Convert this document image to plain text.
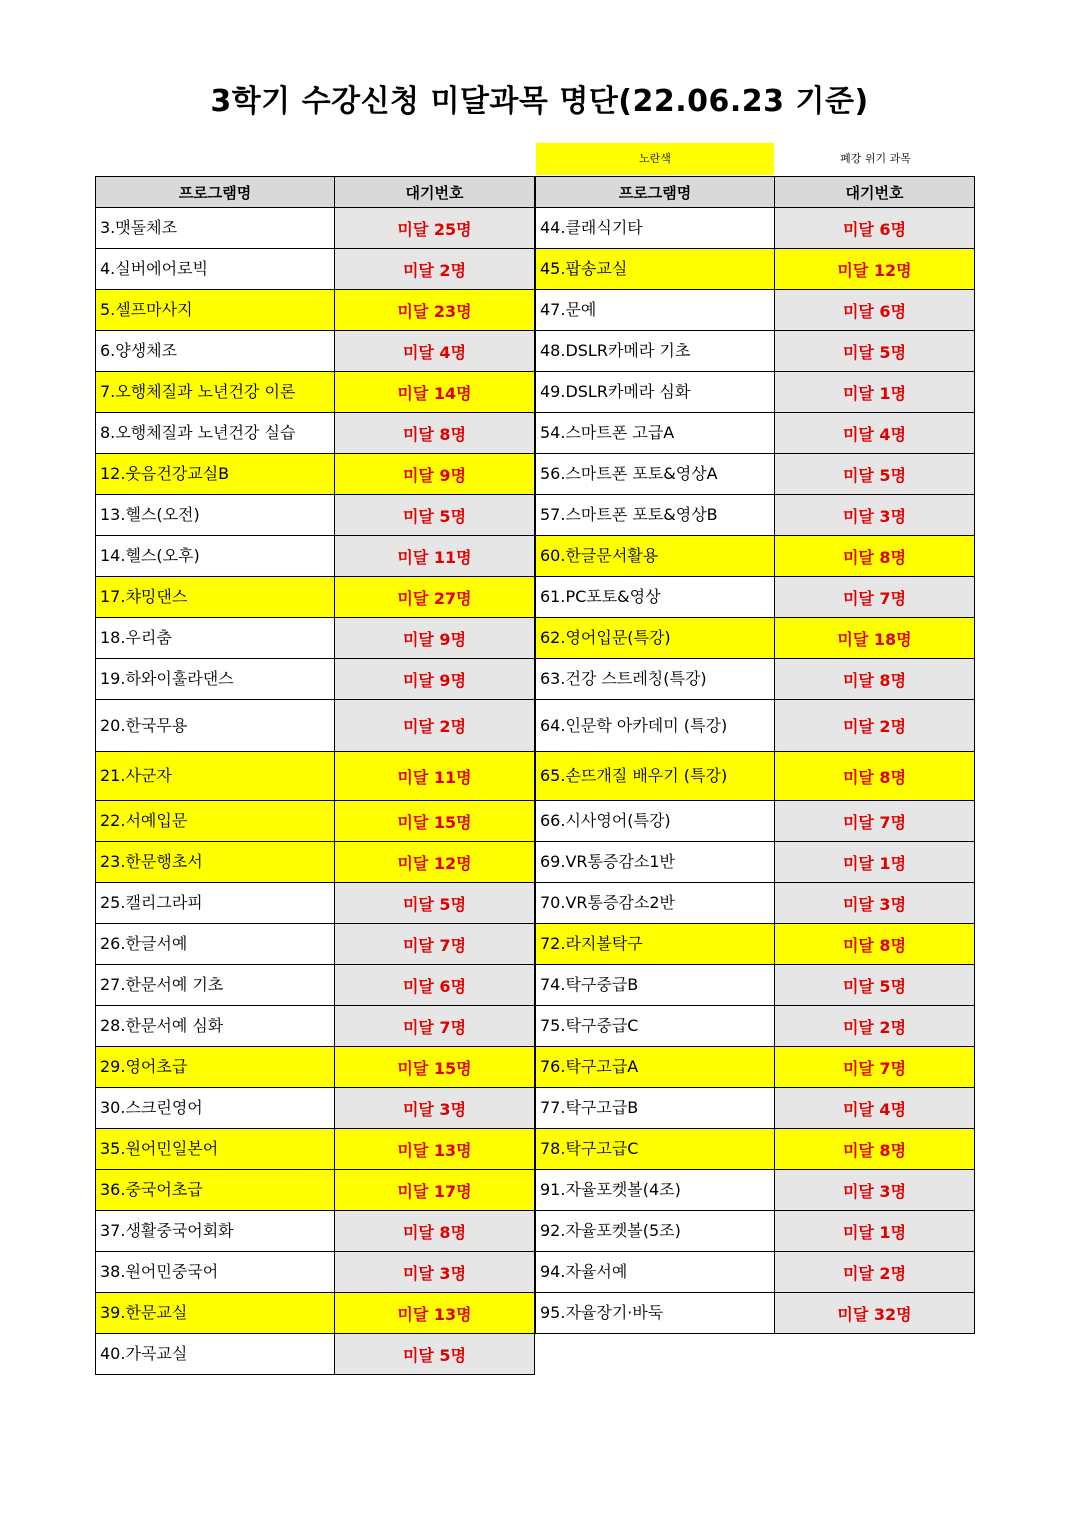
3학기 수강신청 미달과목 명단(22.06.23 기준)
노란색	폐강 위기 과목
프로그램명	대기번호
3.맷돌체조	미달 25명
4.실버에어로빅	미달 2명
5.셀프마사지	미달 23명
6.양생체조	미달 4명
7.오행체질과 노년건강 이론	미달 14명
8.오행체질과 노년건강 실습	미달 8명
12.웃음건강교실B	미달 9명
13.헬스(오전)	미달 5명
14.헬스(오후)	미달 11명
17.챠밍댄스	미달 27명
18.우리춤	미달 9명
19.하와이훌라댄스	미달 9명
20.한국무용	미달 2명
21.사군자	미달 11명
22.서예입문	미달 15명
23.한문행초서	미달 12명
25.캘리그라피	미달 5명
26.한글서예	미달 7명
27.한문서예 기초	미달 6명
28.한문서예 심화	미달 7명
29.영어초급	미달 15명
30.스크린영어	미달 3명
35.원어민일본어	미달 13명
36.중국어초급	미달 17명
37.생활중국어회화	미달 8명
38.원어민중국어	미달 3명
39.한문교실	미달 13명
40.가곡교실	미달 5명
프로그램명	대기번호
44.클래식기타	미달 6명
45.팝송교실	미달 12명
47.문예	미달 6명
48.DSLR카메라 기초	미달 5명
49.DSLR카메라 심화	미달 1명
54.스마트폰 고급A	미달 4명
56.스마트폰 포토&영상A	미달 5명
57.스마트폰 포토&영상B	미달 3명
60.한글문서활용	미달 8명
61.PC포토&영상	미달 7명
62.영어입문(특강)	미달 18명
63.건강 스트레칭(특강)	미달 8명
64.인문학 아카데미 (특강)	미달 2명
65.손뜨개질 배우기 (특강)	미달 8명
66.시사영어(특강)	미달 7명
69.VR통증감소1반	미달 1명
70.VR통증감소2반	미달 3명
72.라지볼탁구	미달 8명
74.탁구중급B	미달 5명
75.탁구중급C	미달 2명
76.탁구고급A	미달 7명
77.탁구고급B	미달 4명
78.탁구고급C	미달 8명
91.자율포켓볼(4조)	미달 3명
92.자율포켓볼(5조)	미달 1명
94.자율서예	미달 2명
95.자율장기·바둑	미달 32명
